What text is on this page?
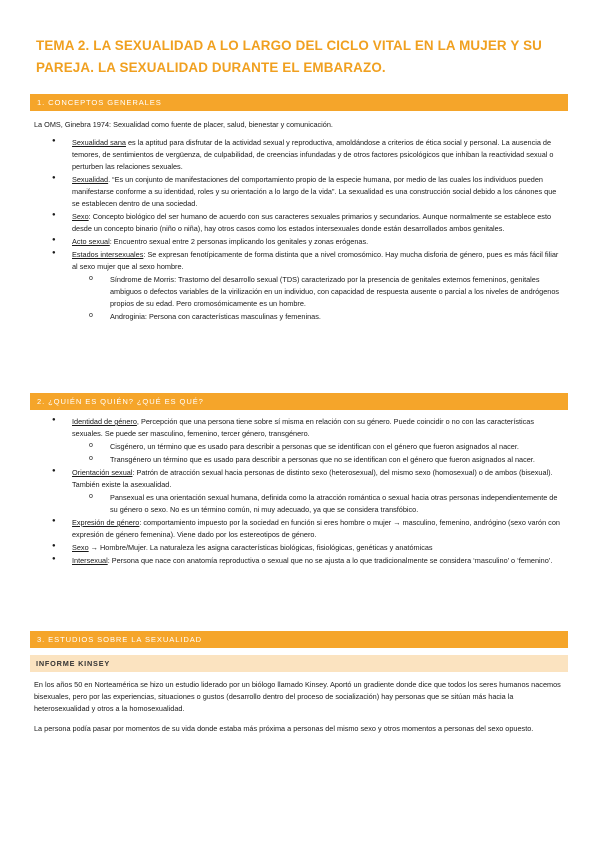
TEMA 2. LA SEXUALIDAD A LO LARGO DEL CICLO VITAL EN LA MUJER Y SU PAREJA. LA SEXUALIDAD DURANTE EL EMBARAZO.
1. CONCEPTOS GENERALES
La OMS, Ginebra 1974: Sexualidad como fuente de placer, salud, bienestar y comunicación.
● Sexualidad sana es la aptitud para disfrutar de la actividad sexual y reproductiva, amoldándose a criterios de ética social y personal. La ausencia de temores, de sentimientos de vergüenza, de culpabilidad, de creencias infundadas y de otros factores psicológicos que inhiban la reactividad sexual o perturben las relaciones sexuales.
● Sexualidad. “Es un conjunto de manifestaciones del comportamiento propio de la especie humana, por medio de las cuales los individuos pueden manifestarse conforme a su identidad, roles y su orientación a lo largo de la vida”. La sexualidad es una construcción social debido a los cánones que se establecen dentro de una sociedad.
● Sexo: Concepto biológico del ser humano de acuerdo con sus caracteres sexuales primarios y secundarios. Aunque normalmente se establece esto desde un concepto binario (niño o niña), hay otros casos como los estados intersexuales donde están desarrollados ambos genitales.
● Acto sexual: Encuentro sexual entre 2 personas implicando los genitales y zonas erógenas.
● Estados intersexuales: Se expresan fenotípicamente de forma distinta que a nivel cromosómico. Hay mucha disforia de género, pues es más fácil filiar al sexo mujer que al sexo hombre.
o Síndrome de Morris: Trastorno del desarrollo sexual (TDS) caracterizado por la presencia de genitales externos femeninos, genitales ambiguos o defectos variables de la virilización en un individuo, con capacidad de respuesta ausente o parcial a los niveles de andrógenos propios de su edad. Pero cromosómicamente es un hombre.
o Androginia: Persona con características masculinas y femeninas.
2. ¿QUIÉN ES QUIÉN? ¿QUÉ ES QUÉ?
● Identidad de género, Percepción que una persona tiene sobre sí misma en relación con su género. Puede coincidir o no con las características sexuales. Se puede ser masculino, femenino, tercer género, transgénero.
o Cisgénero, un término que es usado para describir a personas que se identifican con el género que fueron asignados al nacer.
o Transgénero un término que es usado para describir a personas que no se identifican con el género que fueron asignados al nacer.
● Orientación sexual: Patrón de atracción sexual hacia personas de distinto sexo (heterosexual), del mismo sexo (homosexual) o de ambos (bisexual). También existe la asexualidad.
o Pansexual es una orientación sexual humana, definida como la atracción romántica o sexual hacia otras personas independientemente de su género o sexo. No es un término común, ni muy adecuado, ya que se considera transfóbico.
● Expresión de género: comportamiento impuesto por la sociedad en función si eres hombre o mujer → masculino, femenino, andrógino (sexo varón con expresión de género femenina). Viene dado por los estereotipos de género.
● Sexo → Hombre/Mujer. La naturaleza les asigna características biológicas, fisiológicas, genéticas y anatómicas
● Intersexual: Persona que nace con anatomía reproductiva o sexual que no se ajusta a lo que tradicionalmente se considera ‘masculino’ o ‘femenino’.
3. ESTUDIOS SOBRE LA SEXUALIDAD
INFORME KINSEY

En los años 50 en Norteamérica se hizo un estudio liderado por un biólogo llamado Kinsey. Aportó un gradiente donde dice que todos los seres humanos nacemos bisexuales, pero por las experiencias, situaciones o gustos (desarrollo dentro del proceso de socialización) hay personas que se sitúan más hacia la heterosexualidad y otros a la homosexualidad.

La persona podía pasar por momentos de su vida donde estaba más próxima a personas del mismo sexo y otros momentos a personas del sexo opuesto.
